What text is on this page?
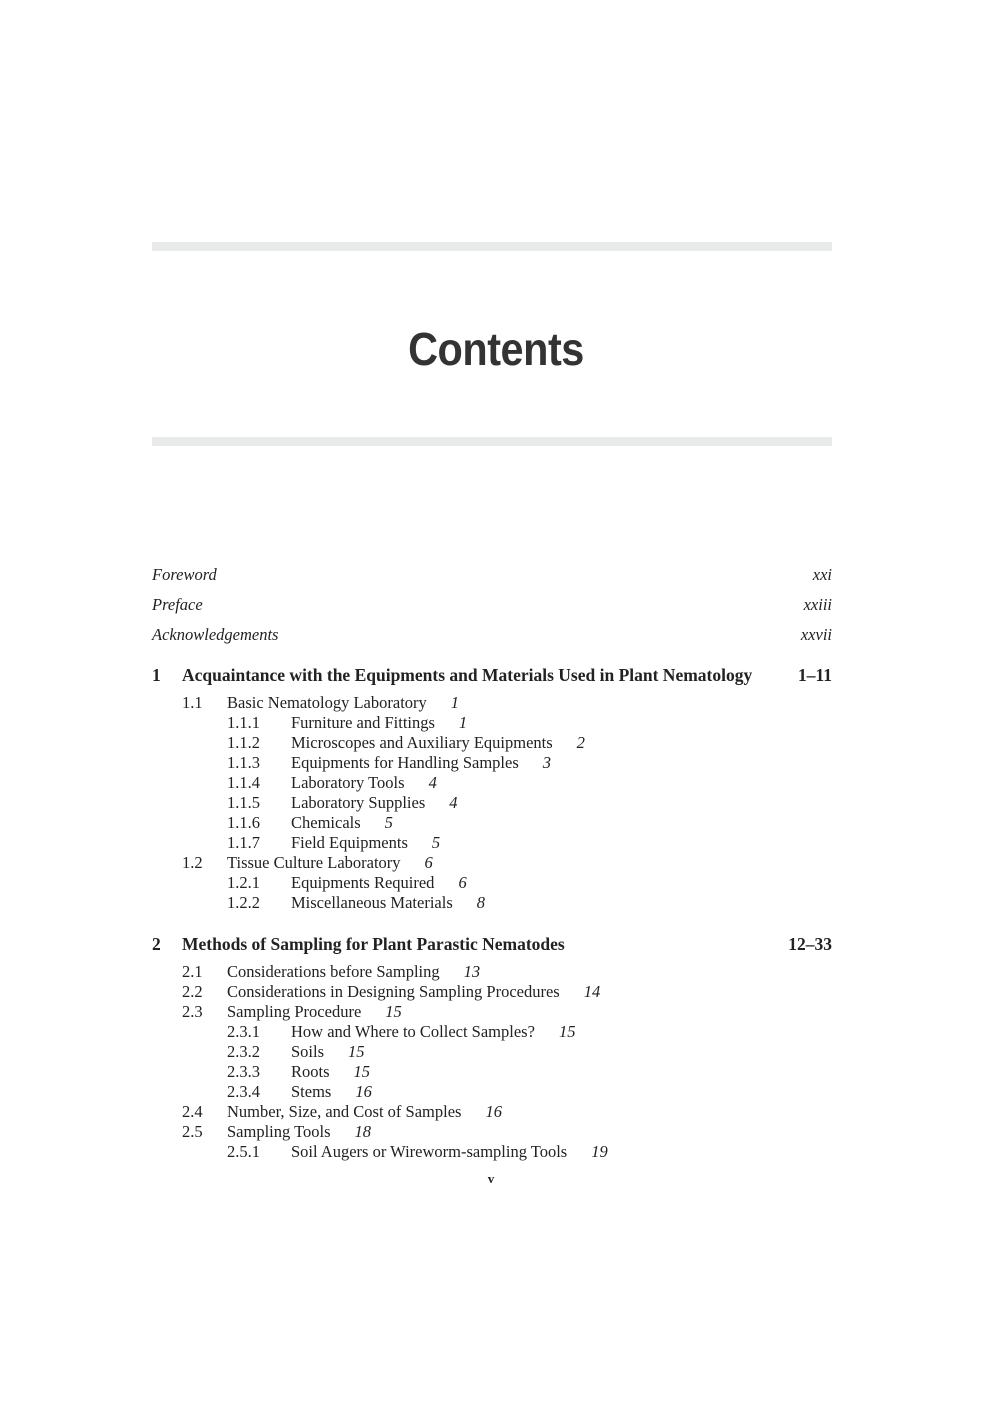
Contents
Foreword	xxi
Preface	xxiii
Acknowledgements	xxvii
1 Acquaintance with the Equipments and Materials Used in Plant Nematology	1–11
1.1 Basic Nematology Laboratory 1
1.1.1 Furniture and Fittings 1
1.1.2 Microscopes and Auxiliary Equipments 2
1.1.3 Equipments for Handling Samples 3
1.1.4 Laboratory Tools 4
1.1.5 Laboratory Supplies 4
1.1.6 Chemicals 5
1.1.7 Field Equipments 5
1.2 Tissue Culture Laboratory 6
1.2.1 Equipments Required 6
1.2.2 Miscellaneous Materials 8
2 Methods of Sampling for Plant Parastic Nematodes	12–33
2.1 Considerations before Sampling 13
2.2 Considerations in Designing Sampling Procedures 14
2.3 Sampling Procedure 15
2.3.1 How and Where to Collect Samples? 15
2.3.2 Soils 15
2.3.3 Roots 15
2.3.4 Stems 16
2.4 Number, Size, and Cost of Samples 16
2.5 Sampling Tools 18
2.5.1 Soil Augers or Wireworm-sampling Tools 19
v
